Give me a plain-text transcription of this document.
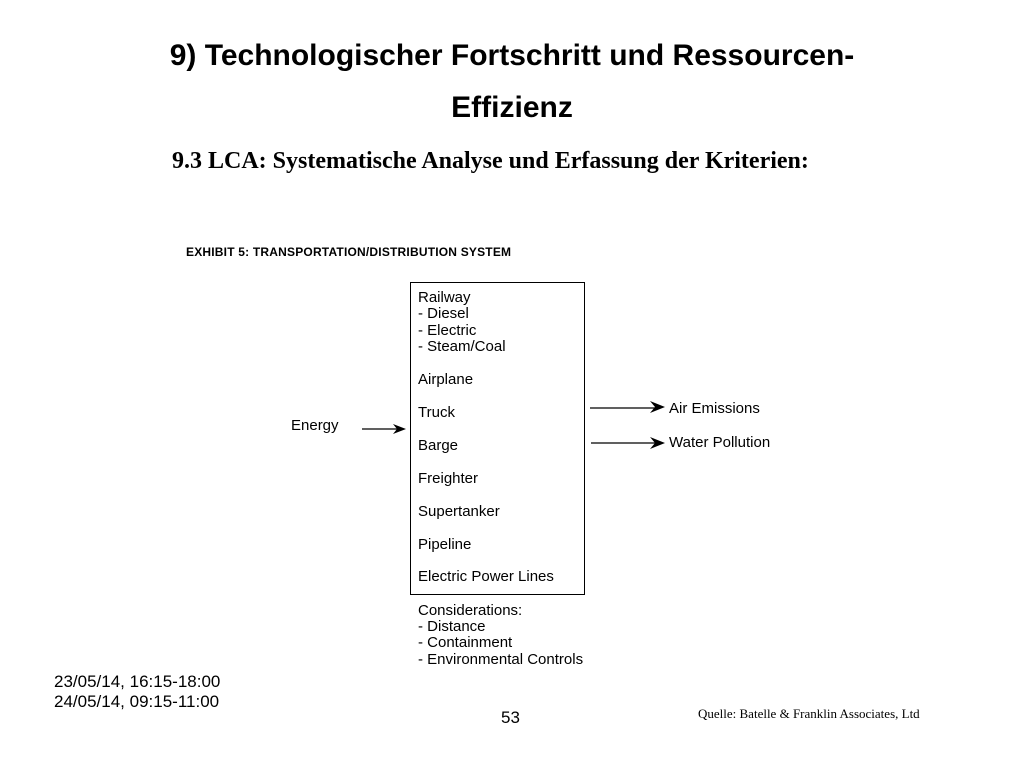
9) Technologischer Fortschritt und Ressourcen-
Effizienz
9.3 LCA: Systematische Analyse und Erfassung der Kriterien:
EXHIBIT 5: TRANSPORTATION/DISTRIBUTION SYSTEM
Energy
Railway
- Diesel
- Electric
- Steam/Coal
Airplane
Truck
Barge
Freighter
Supertanker
Pipeline
Electric Power Lines
Air Emissions
Water Pollution
Considerations:
- Distance
- Containment
- Environmental Controls
23/05/14, 16:15-18:00
24/05/14, 09:15-11:00
53	Quelle: Batelle & Franklin Associates, Ltd
